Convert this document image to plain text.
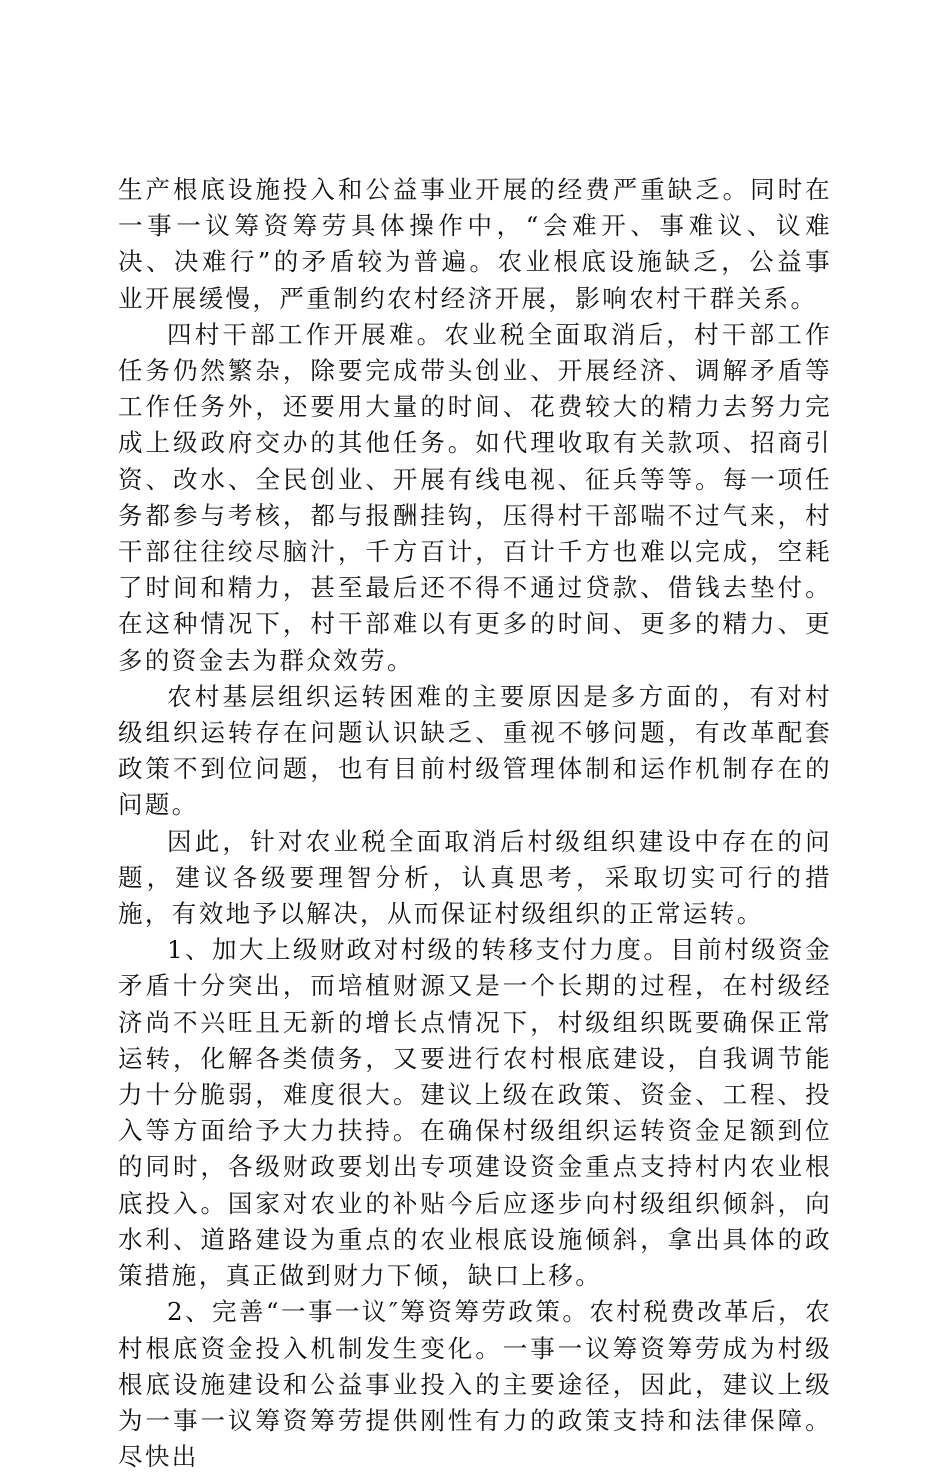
生产根底设施投入和公益事业开展的经费严重缺乏。同时在一事一议筹资筹劳具体操作中，“会难开、事难议、议难决、决难行”的矛盾较为普遍。农业根底设施缺乏，公益事业开展缓慢，严重制约农村经济开展，影响农村干群关系。

四村干部工作开展难。农业税全面取消后，村干部工作任务仍然繁杂，除要完成带头创业、开展经济、调解矛盾等工作任务外，还要用大量的时间、花费较大的精力去努力完成上级政府交办的其他任务。如代理收取有关款项、招商引资、改水、全民创业、开展有线电视、征兵等等。每一项任务都参与考核，都与报酬挂钩，压得村干部喘不过气来，村干部往往绞尽脑汁，千方百计，百计千方也难以完成，空耗了时间和精力，甚至最后还不得不通过贷款、借钱去垫付。在这种情况下，村干部难以有更多的时间、更多的精力、更多的资金去为群众效劳。

农村基层组织运转困难的主要原因是多方面的，有对村级组织运转存在问题认识缺乏、重视不够问题，有改革配套政策不到位问题，也有目前村级管理体制和运作机制存在的问题。

因此，针对农业税全面取消后村级组织建设中存在的问题，建议各级要理智分析，认真思考，采取切实可行的措施，有效地予以解决，从而保证村级组织的正常运转。

1、加大上级财政对村级的转移支付力度。目前村级资金矛盾十分突出，而培植财源又是一个长期的过程，在村级经济尚不兴旺且无新的增长点情况下，村级组织既要确保正常运转，化解各类债务，又要进行农村根底建设，自我调节能力十分脆弱，难度很大。建议上级在政策、资金、工程、投入等方面给予大力扶持。在确保村级组织运转资金足额到位的同时，各级财政要划出专项建设资金重点支持村内农业根底投入。国家对农业的补贴今后应逐步向村级组织倾斜，向水利、道路建设为重点的农业根底设施倾斜，拿出具体的政策措施，真正做到财力下倾，缺口上移。

2、完善“一事一议″筹资筹劳政策。农村税费改革后，农村根底资金投入机制发生变化。一事一议筹资筹劳成为村级根底设施建设和公益事业投入的主要途径，因此，建议上级为一事一议筹资筹劳提供刚性有力的政策支持和法律保障。尽快出
